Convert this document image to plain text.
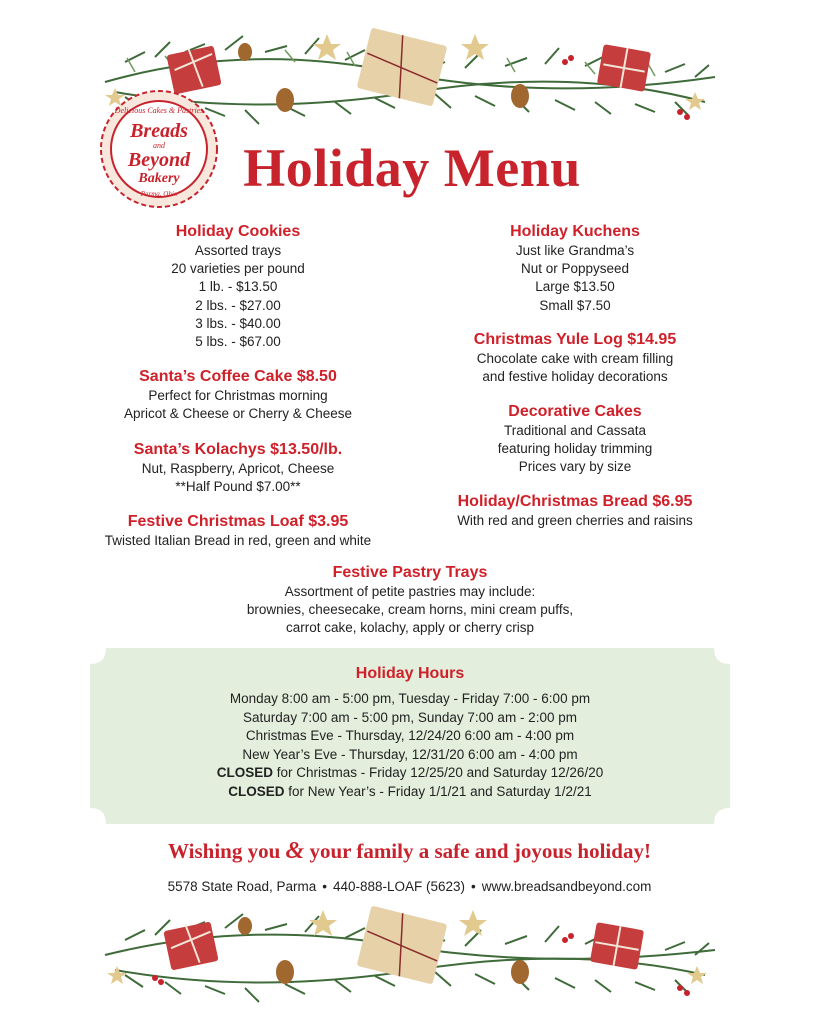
Delicious Cakes & Pastries
Breads
and
Beyond
Bakery
Parma, Ohio	Holiday Menu
Holiday Cookies

Assorted trays

20 varieties per pound

1 lb. - $13.50

2 lbs. - $27.00

3 lbs. - $40.00

5 lbs. - $67.00

Santa’s Coffee Cake $8.50

Perfect for Christmas morning

Apricot & Cheese or Cherry & Cheese

Santa’s Kolachys $13.50/lb.

Nut, Raspberry, Apricot, Cheese

**Half Pound $7.00**

Festive Christmas Loaf $3.95

Twisted Italian Bread in red, green and white

Holiday Kuchens

Just like Grandma’s

Nut or Poppyseed

Large $13.50

Small $7.50

Christmas Yule Log $14.95

Chocolate cake with cream filling

and festive holiday decorations

Decorative Cakes

Traditional and Cassata

featuring holiday trimming

Prices vary by size

Holiday/Christmas Bread $6.95

With red and green cherries and raisins

Festive Pastry Trays

Assortment of petite pastries may include:

brownies, cheesecake, cream horns, mini cream puffs,

carrot cake, kolachy, apply or cherry crisp

Holiday Hours

Monday 8:00 am - 5:00 pm, Tuesday - Friday 7:00 - 6:00 pm

Saturday 7:00 am - 5:00 pm, Sunday 7:00 am - 2:00 pm

Christmas Eve - Thursday, 12/24/20 6:00 am - 4:00 pm

New Year’s Eve - Thursday, 12/31/20 6:00 am - 4:00 pm

CLOSED for Christmas - Friday 12/25/20 and Saturday 12/26/20

CLOSED for New Year’s - Friday 1/1/21 and Saturday 1/2/21

Wishing you & your family a safe and joyous holiday!
5578 State Road, Parma • 440-888-LOAF (5623) • www.breadsandbeyond.com
